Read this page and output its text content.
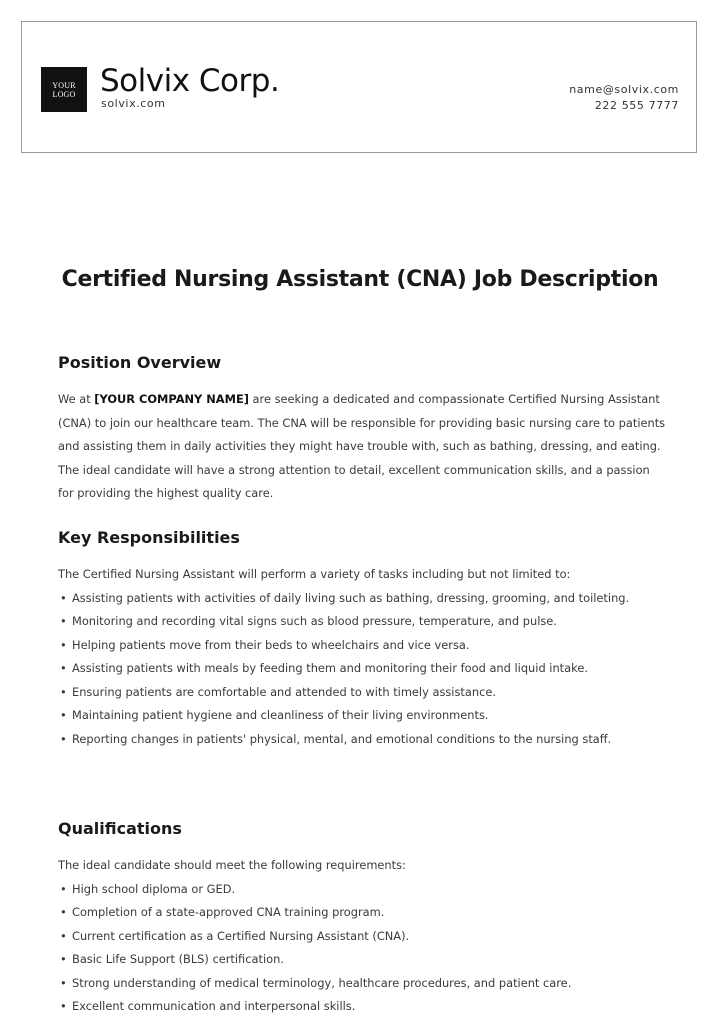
YOUR
LOGO Solvix Corp.
solvix.com
name@solvix.com
222 555 7777
Certified Nursing Assistant (CNA) Job Description
Position Overview

We at [YOUR COMPANY NAME] are seeking a dedicated and compassionate Certified Nursing Assistant (CNA) to join our healthcare team. The CNA will be responsible for providing basic nursing care to patients and assisting them in daily activities they might have trouble with, such as bathing, dressing, and eating. The ideal candidate will have a strong attention to detail, excellent communication skills, and a passion for providing the highest quality care.

Key Responsibilities

The Certified Nursing Assistant will perform a variety of tasks including but not limited to:

• Assisting patients with activities of daily living such as bathing, dressing, grooming, and toileting.
• Monitoring and recording vital signs such as blood pressure, temperature, and pulse.
• Helping patients move from their beds to wheelchairs and vice versa.
• Assisting patients with meals by feeding them and monitoring their food and liquid intake.
• Ensuring patients are comfortable and attended to with timely assistance.
• Maintaining patient hygiene and cleanliness of their living environments.
• Reporting changes in patients' physical, mental, and emotional conditions to the nursing staff.
Qualifications

The ideal candidate should meet the following requirements:

• High school diploma or GED.
• Completion of a state-approved CNA training program.
• Current certification as a Certified Nursing Assistant (CNA).
• Basic Life Support (BLS) certification.
• Strong understanding of medical terminology, healthcare procedures, and patient care.
• Excellent communication and interpersonal skills.
